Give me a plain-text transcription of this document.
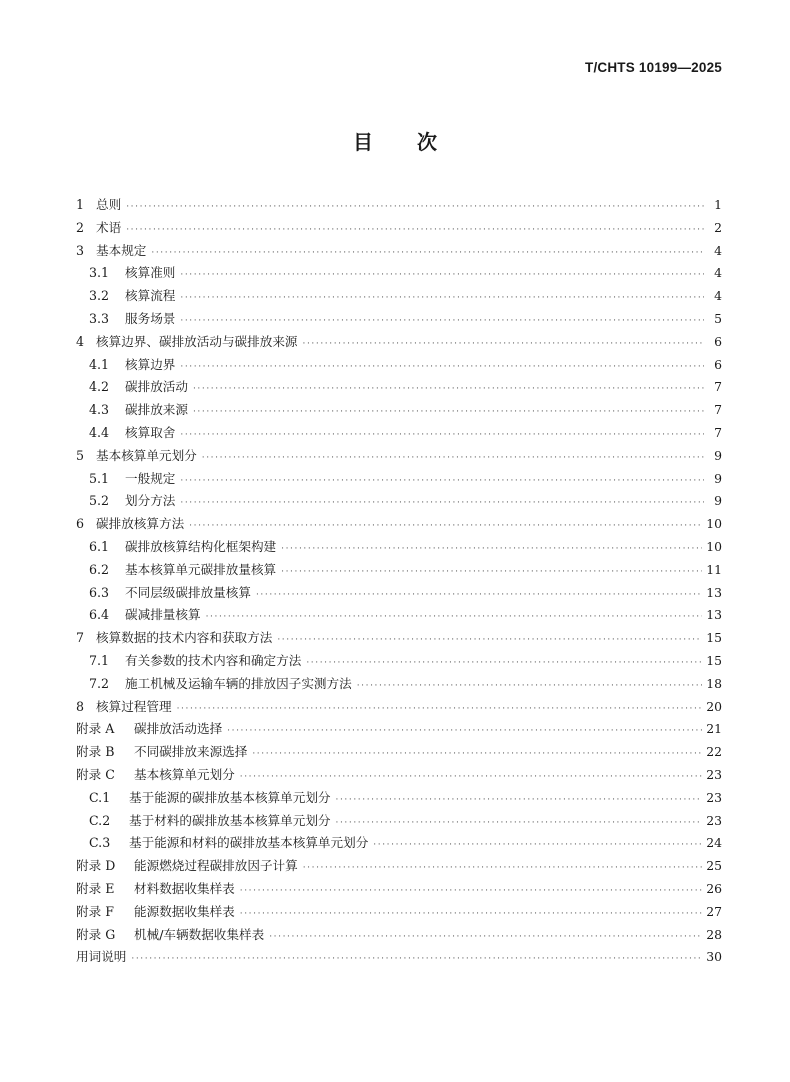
T/CHTS 10199—2025
目 次
1 总则 ·····	1
2 术语 ·····	2
3 基本规定 ·····	4
3.1	核算准则 ·····	4
3.2	核算流程 ·····	4
3.3	服务场景 ·····	5
4 核算边界、碳排放活动与碳排放来源 ·····	6
4.1	核算边界 ·····	6
4.2	碳排放活动 ·····	7
4.3	碳排放来源 ·····	7
4.4	核算取舍 ·····	7
5 基本核算单元划分 ·····	9
5.1	一般规定 ·····	9
5.2	划分方法 ·····	9
6 碳排放核算方法 ·····	10
6.1	碳排放核算结构化框架构建 ·····	10
6.2	基本核算单元碳排放量核算 ·····	11
6.3	不同层级碳排放量核算 ·····	13
6.4	碳减排量核算 ·····	13
7 核算数据的技术内容和获取方法 ·····	15
7.1	有关参数的技术内容和确定方法 ·····	15
7.2	施工机械及运输车辆的排放因子实测方法 ·····	18
8 核算过程管理 ·····	20
附录 A	碳排放活动选择 ·····	21
附录 B	不同碳排放来源选择 ·····	22
附录 C	基本核算单元划分 ·····	23
C.1	基于能源的碳排放基本核算单元划分 ·····	23
C.2	基于材料的碳排放基本核算单元划分 ·····	23
C.3	基于能源和材料的碳排放基本核算单元划分 ·····	24
附录 D	能源燃烧过程碳排放因子计算 ·····	25
附录 E	材料数据收集样表 ·····	26
附录 F	能源数据收集样表 ·····	27
附录 G	机械/车辆数据收集样表 ·····	28
用词说明 ·····	30
